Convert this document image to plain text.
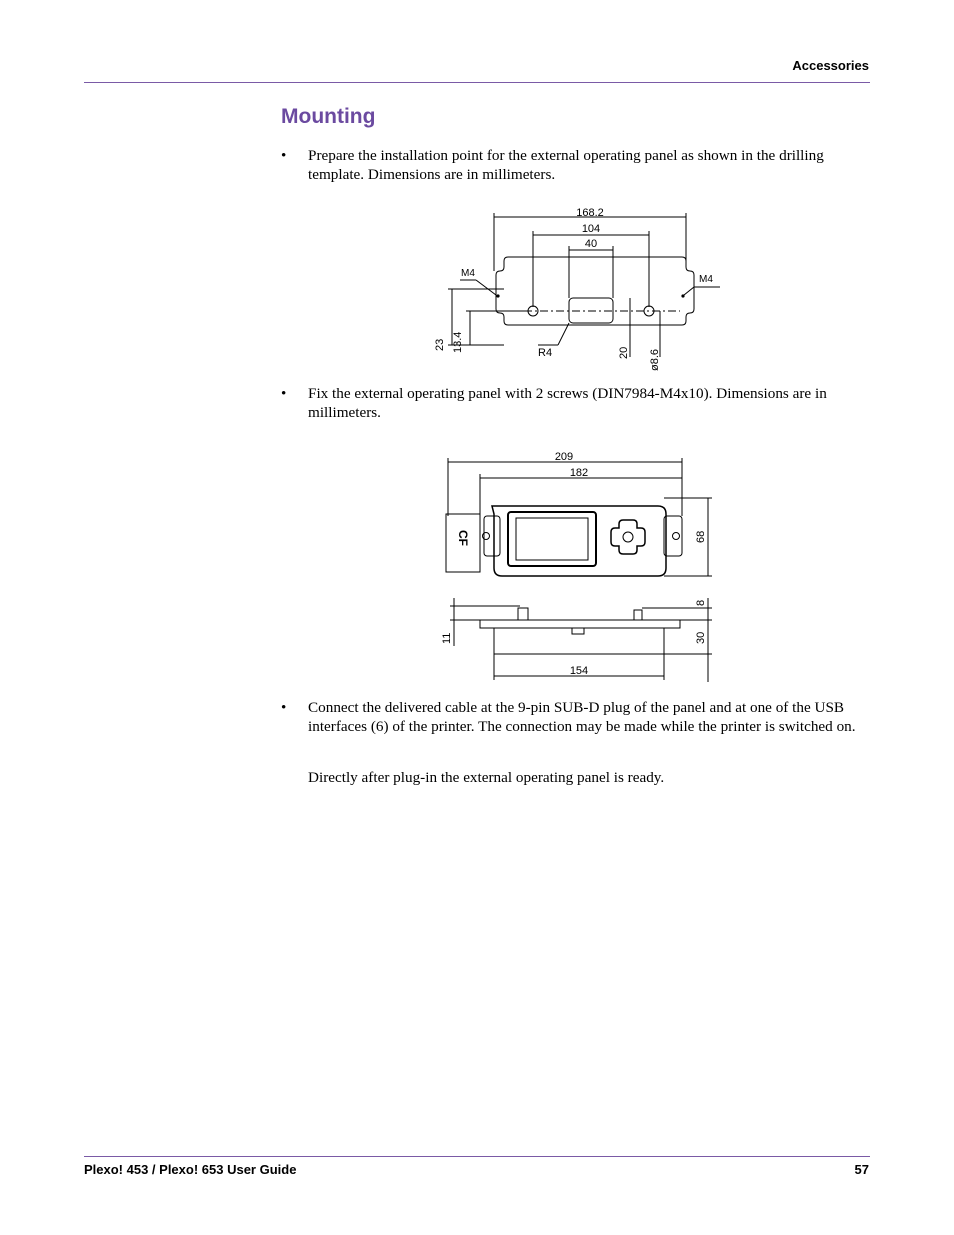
Accessories
Mounting
•	Prepare the installation point for the external operating panel as shown in the drilling template. Dimensions are in millimeters.
168.2
104
40
M4
M4
23 13.4	R4	20 ø8.6
•	Fix the external operating panel with 2 screws (DIN7984-M4x10). Dimensions are in millimeters.
209
182
CF	68
11
8
30
154
•	Connect the delivered cable at the 9-pin SUB-D plug of the panel and at one of the USB interfaces (6) of the printer. The connection may be made while the printer is switched on.
Directly after plug-in the external operating panel is ready.
Plexo! 453 / Plexo! 653 User Guide	57
